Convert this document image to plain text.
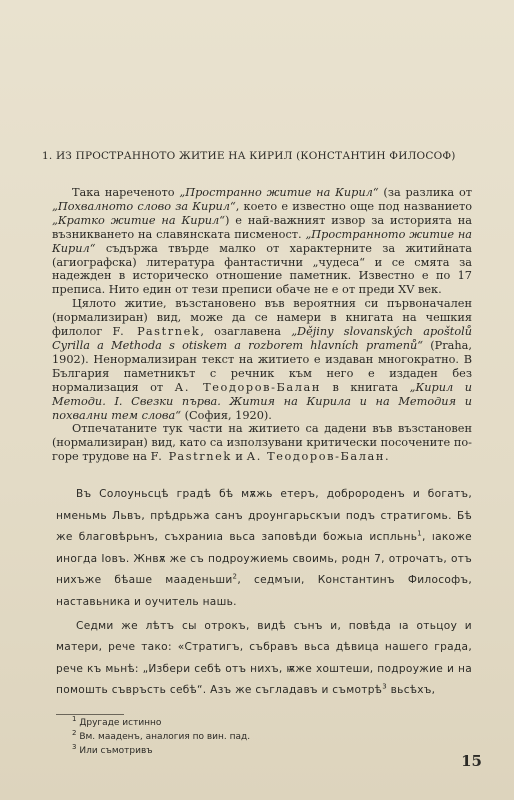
1. ИЗ ПРОСТРАННОТО ЖИТИЕ НА КИРИЛ (КОНСТАНТИН ФИЛОСОФ)

Така нареченото „Пространно житие на Кирил“ (за разлика от „Похвалното слово за Кирил“, което е известно още под названието „Кратко житие на Кирил“) е най-важният извор за историята на възникването на славянската писменост. „Пространното житие на Кирил“ съдържа твърде малко от характерните за житийната (агиографска) литература фантастични „чудеса“ и се смята за надежден в историческо отношение паметник. Известно е по 17 преписа. Нито един от тези преписи обаче не е от преди XV век.

Цялото житие, възстановено във вероятния си първоначален (нормализиран) вид, може да се намери в книгата на чешкия филолог F. Pastrnek, озаглавена „Dějiny slovanských apoštolů Cyrilla a Methoda s otiskem a rozborem hlavních pramenů“ (Praha, 1902). Ненормализиран текст на житието е издаван многократно. В България паметникът с речник към него е издаден без нормализация от А. Теодоров-Балан в книгата „Кирил и Методи. І. Свезки първа. Жития на Кирила и на Методия и похвални тем слова“ (София, 1920).

Отпечатаните тук части на житието са дадени във възстановен (нормализиран) вид, като са използувани критически посочените по-горе трудове на F. Pastrnek и А. Теодоров-Балан.

Въ Солоуньсцѣ градѣ бѣ мѫжь етеръ, добророденъ и богатъ, нменьмь Львъ, прѣдрьжа санъ дроунгарьскъıи подъ стратигомь. Бѣ же благовѣрьнъ, съхраниıа вьса заповѣди божьıа испльнь$^1$, ıакоже иногда Іовъ. Жнвѫ же съ подроужиемь своимь, родн 7, отрочатъ, отъ нихъже бѣаше мааденьши$^2$, седмъıи, Константинъ Философъ, наставьника и оучитель нашь.

Седми же лѣтъ сы отрокъ, видѣ сънъ и, повѣда ıа отьцоу и матери, рече тако: «Стратигъ, събравъ вьса дѣвица нашего града, рече къ мьнѣ: „Избери себѣ отъ нихъ, ѭже хоштеши, подроужие и на помошть съвръсть себѣ“. Азъ же съгладавъ и съмотрѣ$^3$ вьсѣхъ,

$^1$ Другаде истинно
$^2$ Вм. мааденъ, аналогия по вин. пад.
$^3$ Или съмотривъ
15
